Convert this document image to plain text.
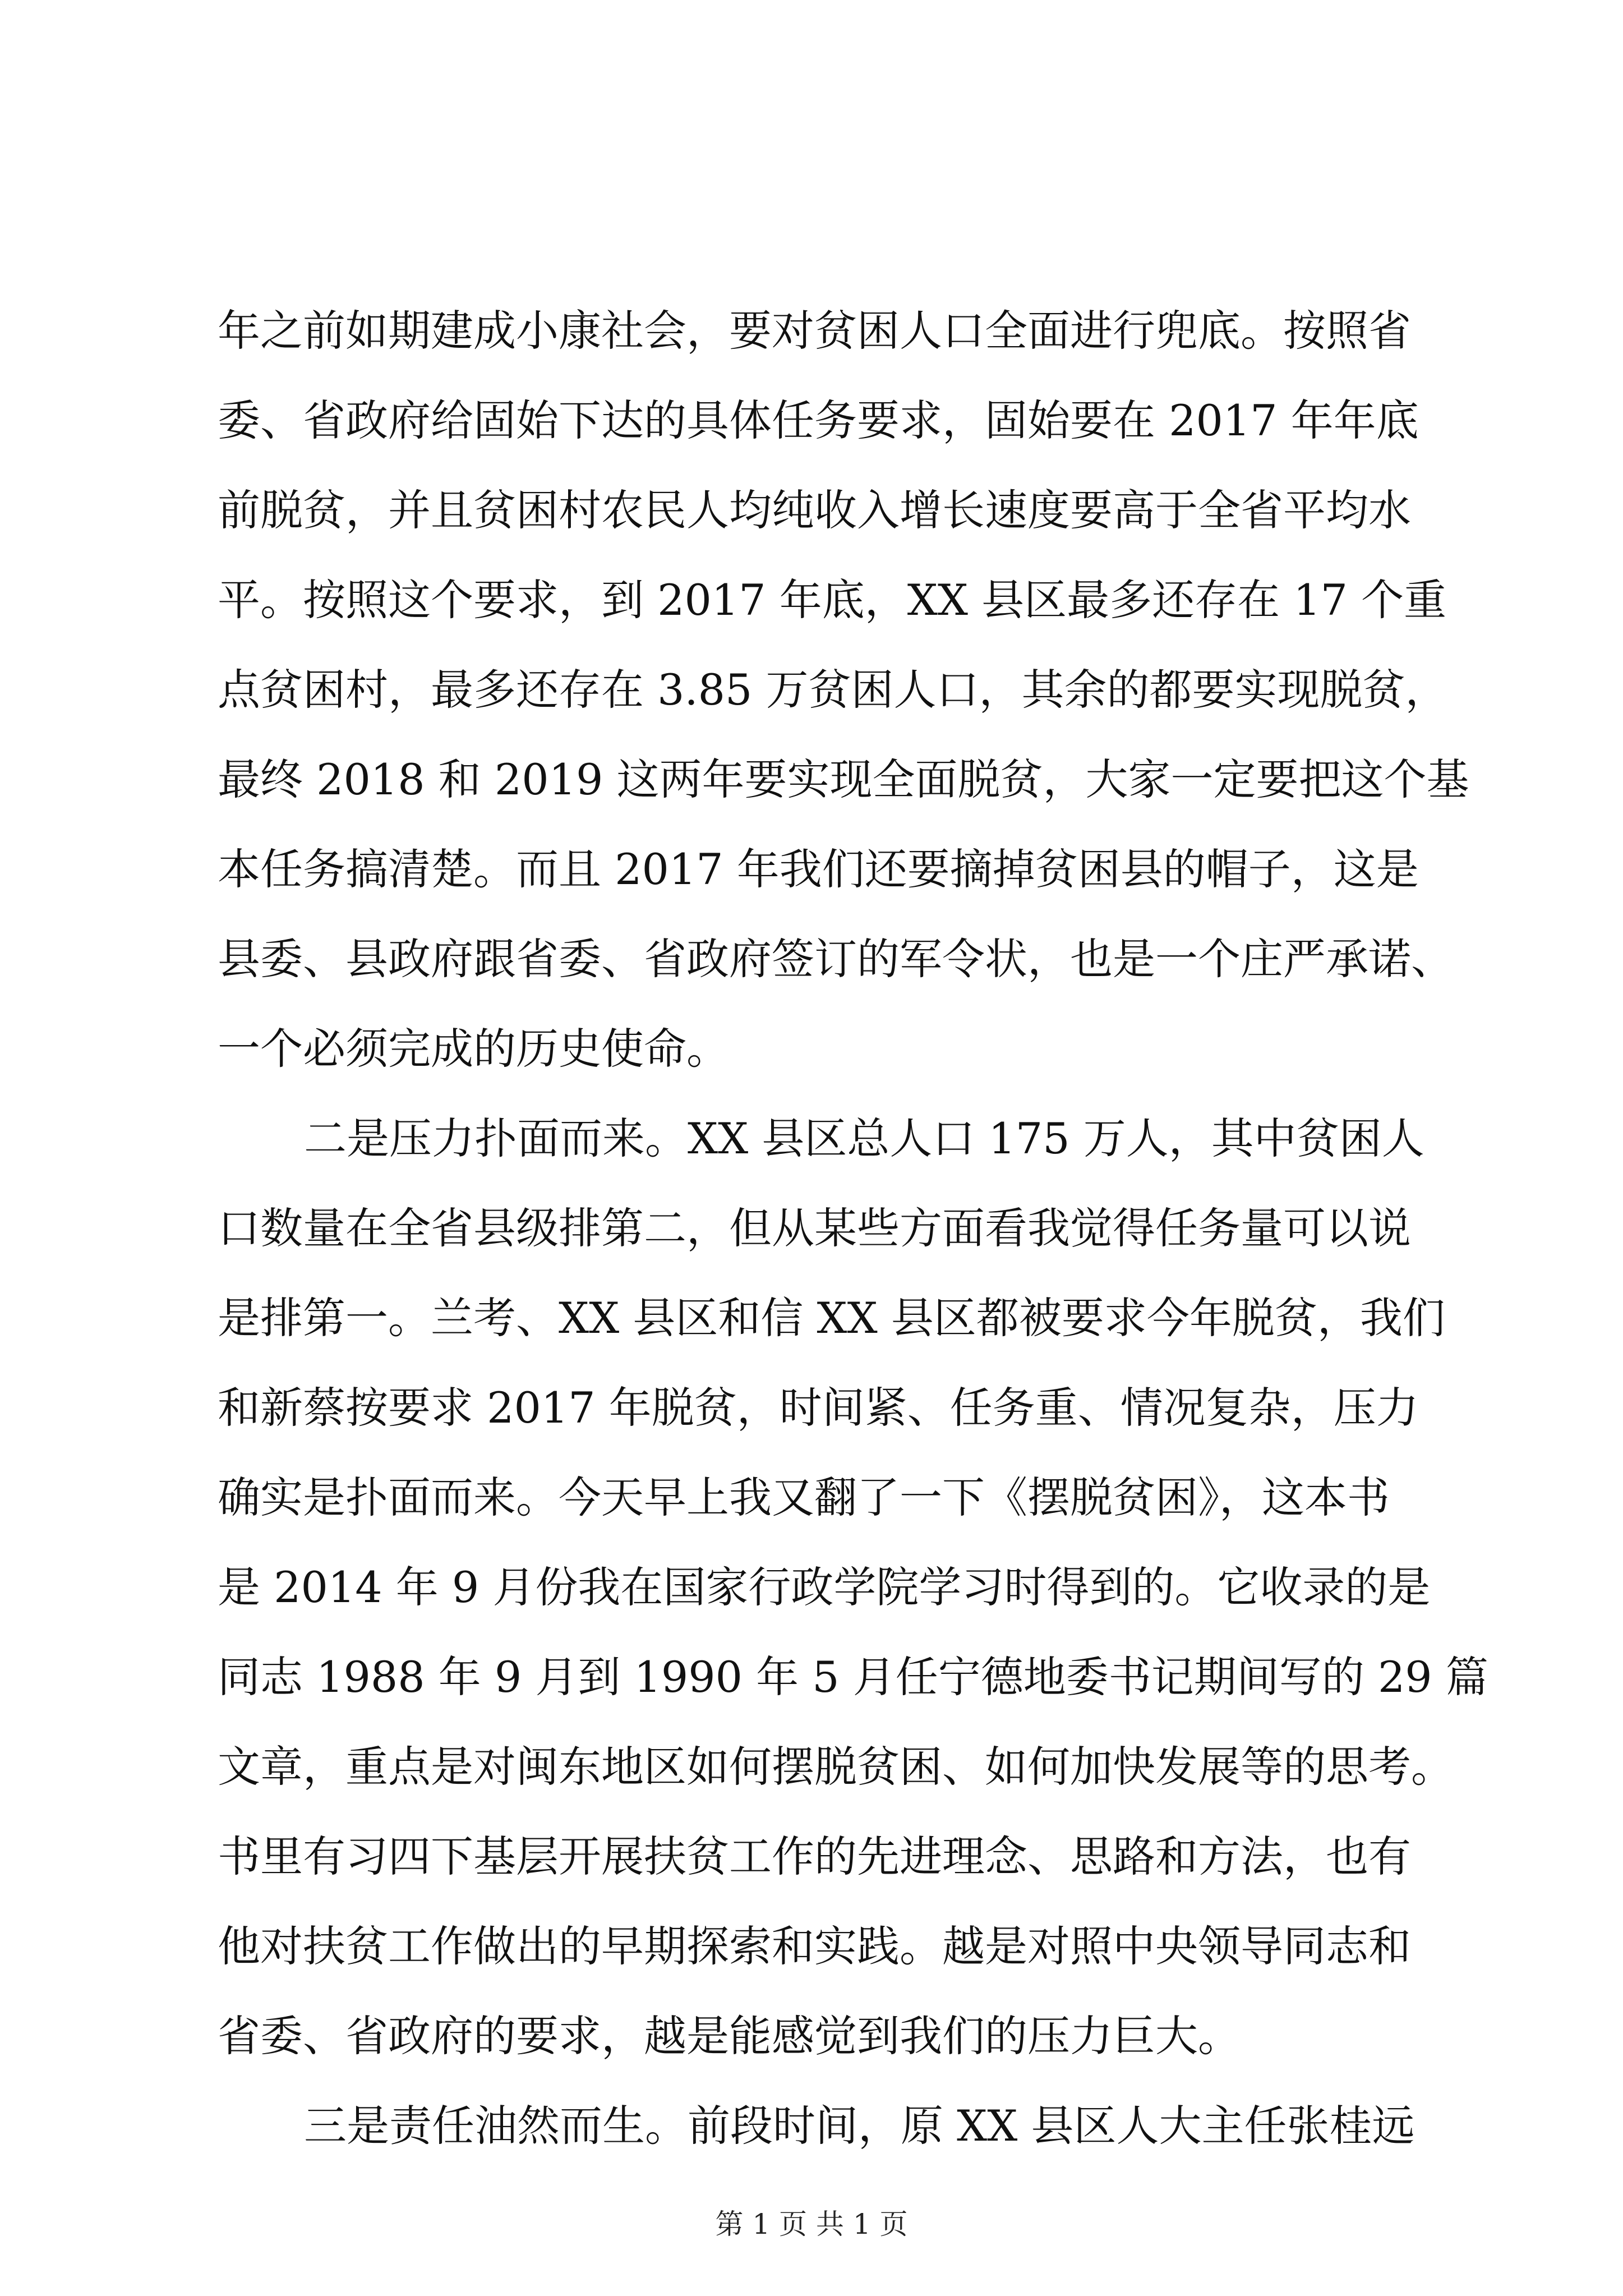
年之前如期建成小康社会，要对贫困人口全面进行兜底。按照省
委、省政府给固始下达的具体任务要求，固始要在 2017 年年底
前脱贫，并且贫困村农民人均纯收入增长速度要高于全省平均水
平。按照这个要求，到 2017 年底，XX 县区最多还存在 17 个重
点贫困村，最多还存在 3.85 万贫困人口，其余的都要实现脱贫，
最终 2018 和 2019 这两年要实现全面脱贫，大家一定要把这个基
本任务搞清楚。而且 2017 年我们还要摘掉贫困县的帽子，这是
县委、县政府跟省委、省政府签订的军令状，也是一个庄严承诺、
一个必须完成的历史使命。
二是压力扑面而来。XX 县区总人口 175 万人，其中贫困人
口数量在全省县级排第二，但从某些方面看我觉得任务量可以说
是排第一。兰考、XX 县区和信 XX 县区都被要求今年脱贫，我们
和新蔡按要求 2017 年脱贫，时间紧、任务重、情况复杂，压力
确实是扑面而来。今天早上我又翻了一下《摆脱贫困》，这本书
是 2014 年 9 月份我在国家行政学院学习时得到的。它收录的是
同志 1988 年 9 月到 1990 年 5 月任宁德地委书记期间写的 29 篇
文章，重点是对闽东地区如何摆脱贫困、如何加快发展等的思考。
书里有习四下基层开展扶贫工作的先进理念、思路和方法，也有
他对扶贫工作做出的早期探索和实践。越是对照中央领导同志和
省委、省政府的要求，越是能感觉到我们的压力巨大。
三是责任油然而生。前段时间，原 XX 县区人大主任张桂远
第 1 页 共 1 页
